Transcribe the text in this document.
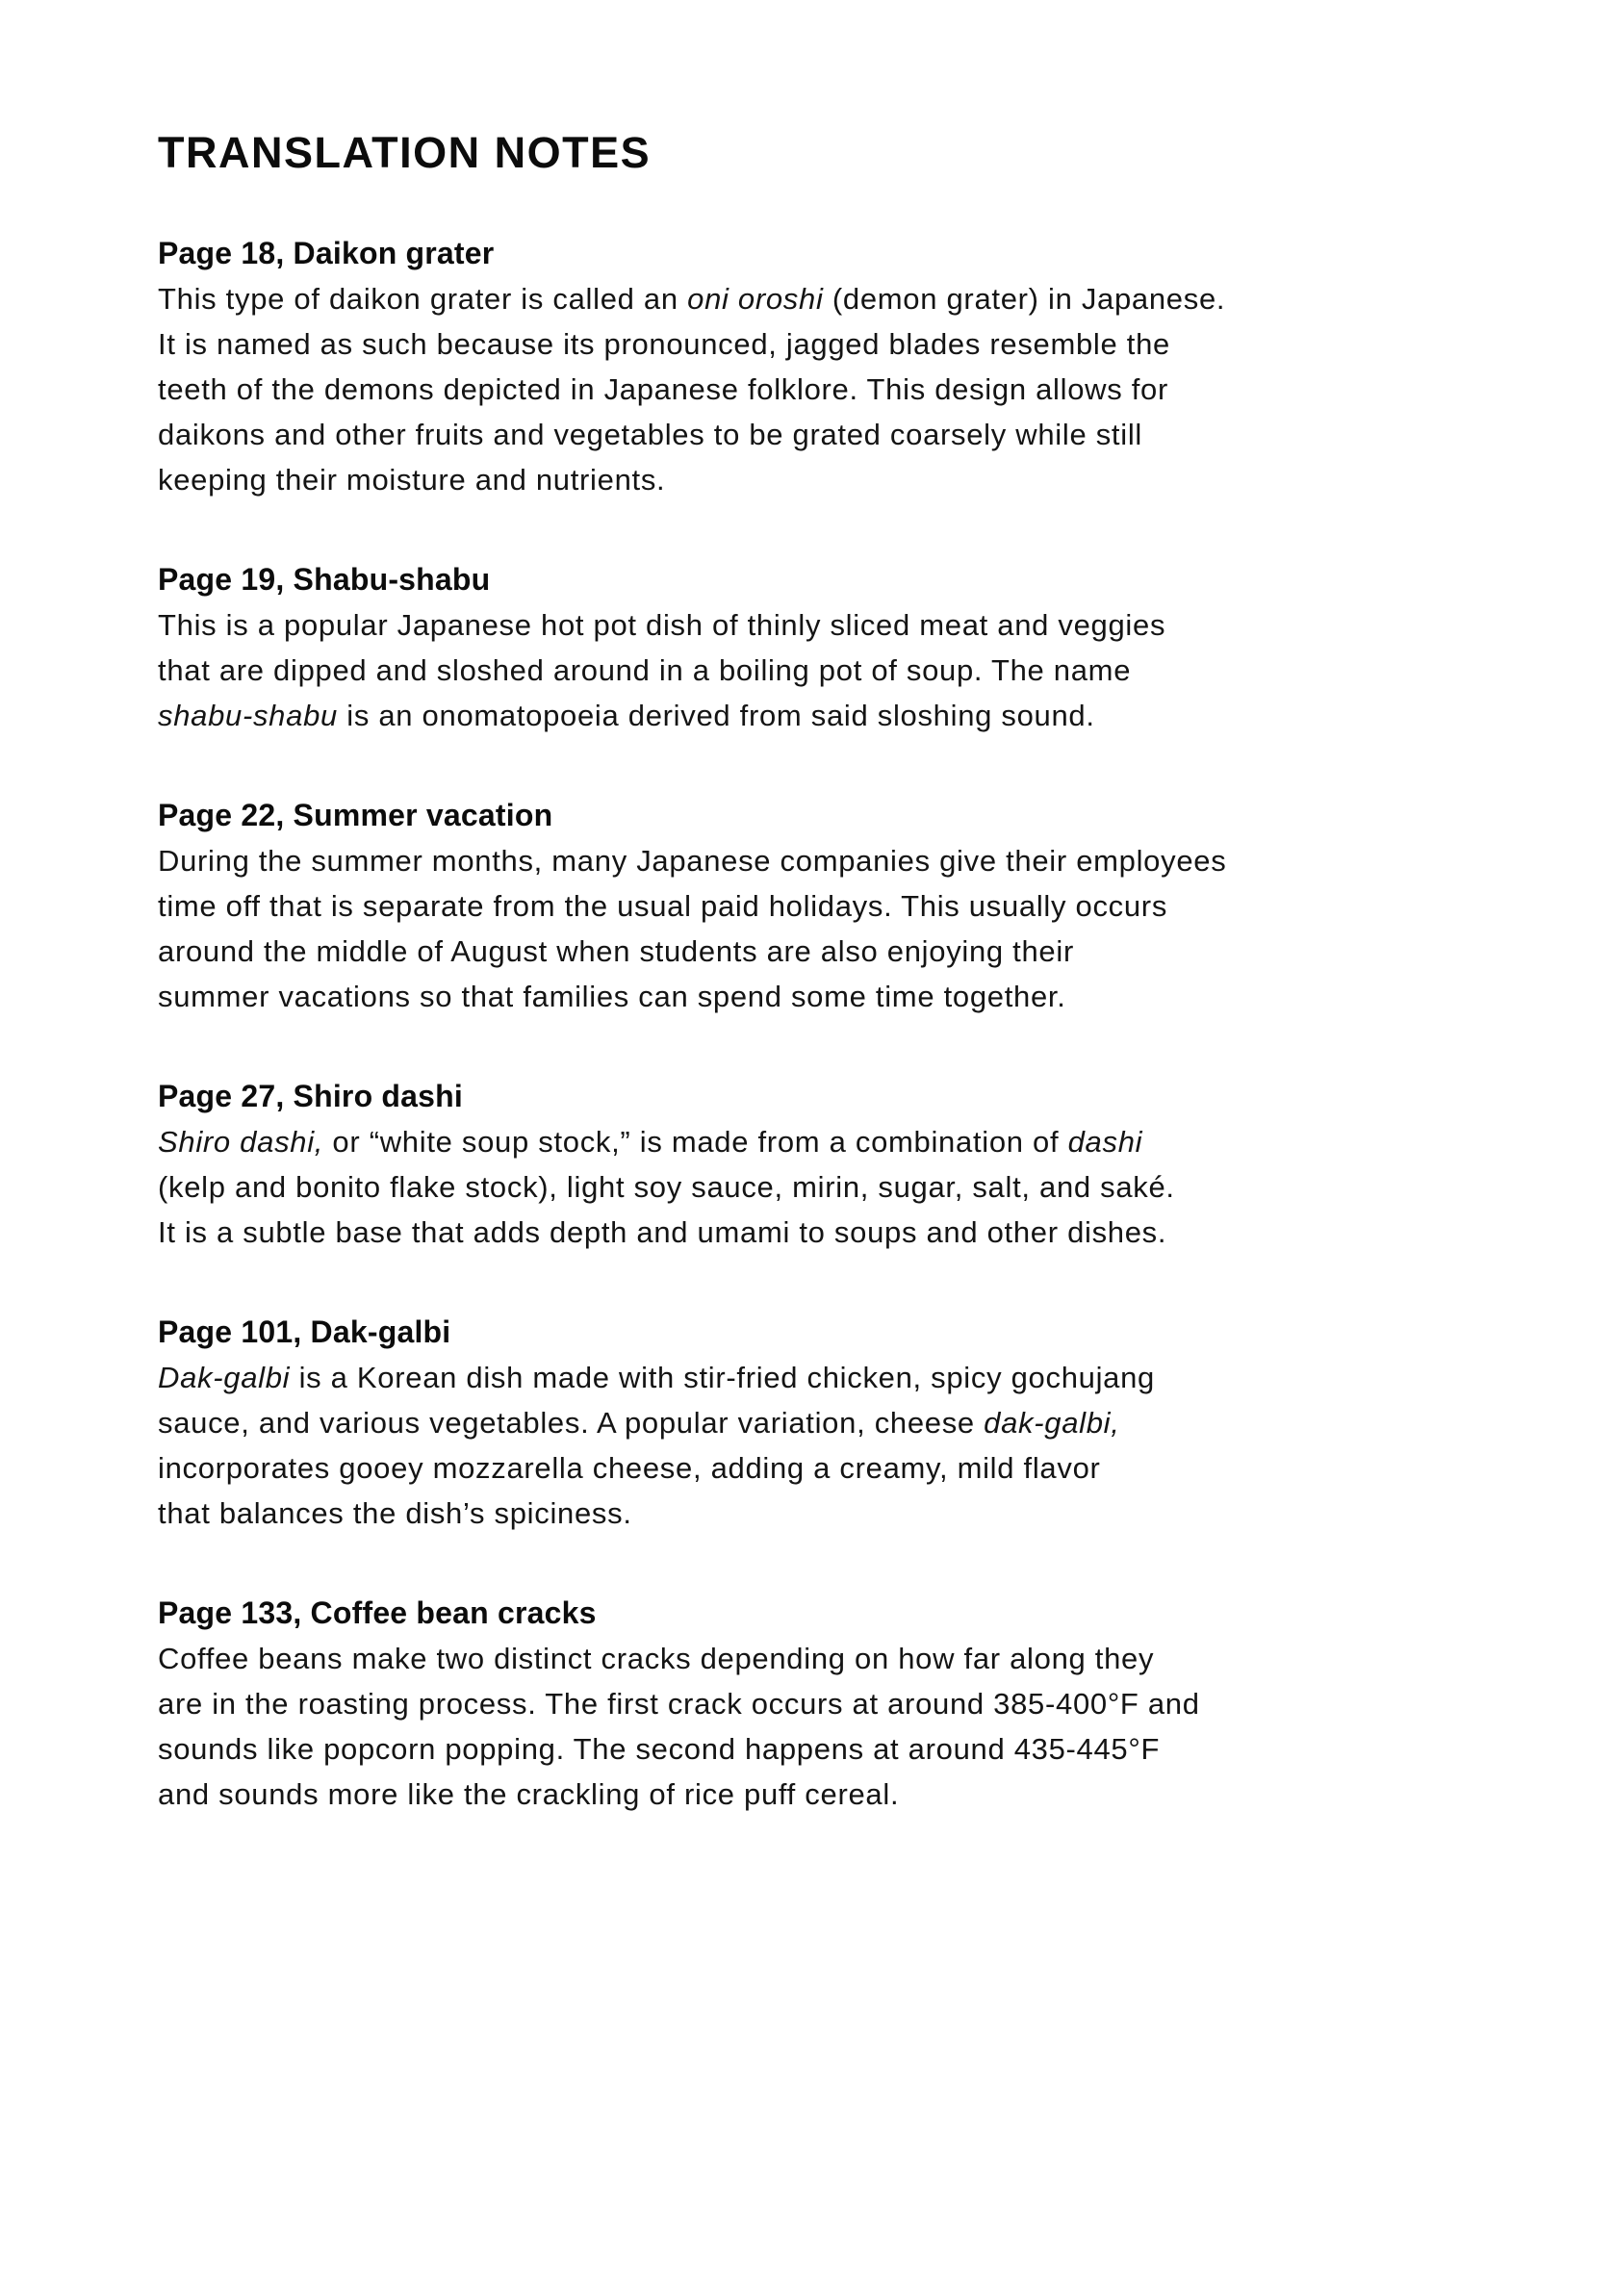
TRANSLATION NOTES
Page 18, Daikon grater
This type of daikon grater is called an oni oroshi (demon grater) in Japanese.
It is named as such because its pronounced, jagged blades resemble the
teeth of the demons depicted in Japanese folklore. This design allows for
daikons and other fruits and vegetables to be grated coarsely while still
keeping their moisture and nutrients.
Page 19, Shabu-shabu
This is a popular Japanese hot pot dish of thinly sliced meat and veggies
that are dipped and sloshed around in a boiling pot of soup. The name
shabu-shabu is an onomatopoeia derived from said sloshing sound.
Page 22, Summer vacation
During the summer months, many Japanese companies give their employees
time off that is separate from the usual paid holidays. This usually occurs
around the middle of August when students are also enjoying their
summer vacations so that families can spend some time together.
Page 27, Shiro dashi
Shiro dashi, or “white soup stock,” is made from a combination of dashi
(kelp and bonito flake stock), light soy sauce, mirin, sugar, salt, and saké.
It is a subtle base that adds depth and umami to soups and other dishes.
Page 101, Dak-galbi
Dak-galbi is a Korean dish made with stir-fried chicken, spicy gochujang
sauce, and various vegetables. A popular variation, cheese dak-galbi,
incorporates gooey mozzarella cheese, adding a creamy, mild flavor
that balances the dish’s spiciness.
Page 133, Coffee bean cracks
Coffee beans make two distinct cracks depending on how far along they
are in the roasting process. The first crack occurs at around 385-400°F and
sounds like popcorn popping. The second happens at around 435-445°F
and sounds more like the crackling of rice puff cereal.
